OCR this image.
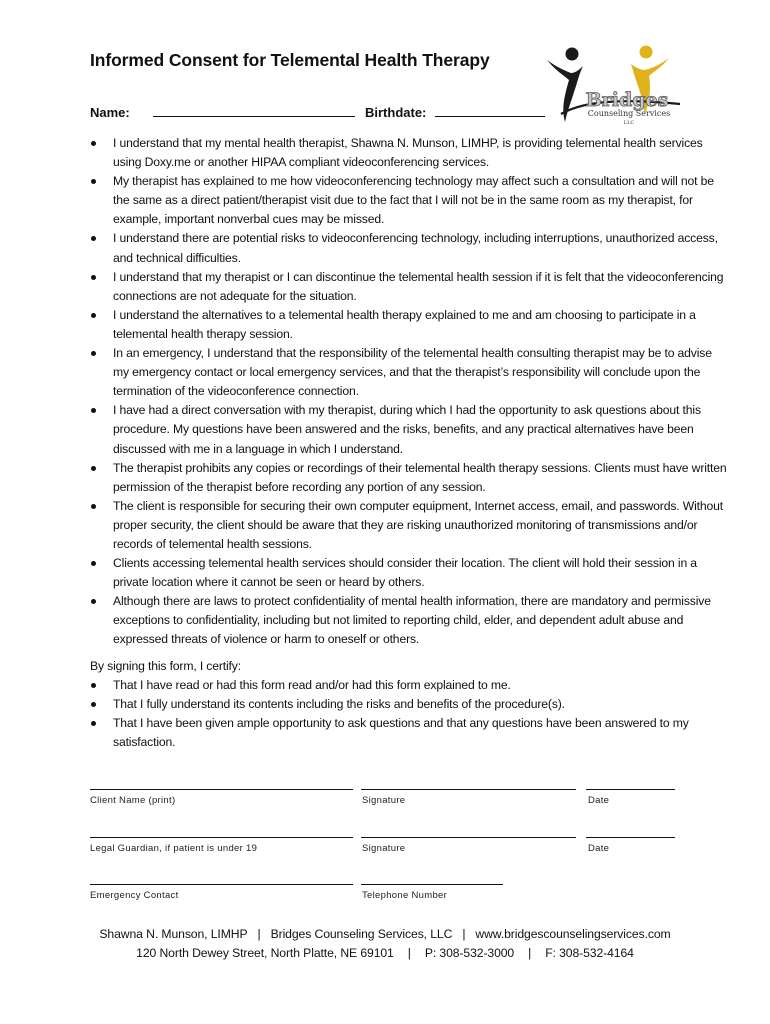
Informed Consent for Telemental Health Therapy
Name:	Birthdate:
Bridges
Counseling Services
LLC
I understand that my mental health therapist, Shawna N. Munson, LIMHP, is providing telemental health services using Doxy.me or another HIPAA compliant videoconferencing services.
My therapist has explained to me how videoconferencing technology may affect such a consultation and will not be the same as a direct patient/therapist visit due to the fact that I will not be in the same room as my therapist, for example, important nonverbal cues may be missed.
I understand there are potential risks to videoconferencing technology, including interruptions, unauthorized access, and technical difficulties.
I understand that my therapist or I can discontinue the telemental health session if it is felt that the videoconferencing connections are not adequate for the situation.
I understand the alternatives to a telemental health therapy explained to me and am choosing to participate in a telemental health therapy session.
In an emergency, I understand that the responsibility of the telemental health consulting therapist may be to advise my emergency contact or local emergency services, and that the therapist’s responsibility will conclude upon the termination of the videoconference connection.
I have had a direct conversation with my therapist, during which I had the opportunity to ask questions about this procedure. My questions have been answered and the risks, benefits, and any practical alternatives have been discussed with me in a language in which I understand.
The therapist prohibits any copies or recordings of their telemental health therapy sessions. Clients must have written permission of the therapist before recording any portion of any session.
The client is responsible for securing their own computer equipment, Internet access, email, and passwords. Without proper security, the client should be aware that they are risking unauthorized monitoring of transmissions and/or records of telemental health sessions.
Clients accessing telemental health services should consider their location. The client will hold their session in a private location where it cannot be seen or heard by others.
Although there are laws to protect confidentiality of mental health information, there are mandatory and permissive exceptions to confidentiality, including but not limited to reporting child, elder, and dependent adult abuse and expressed threats of violence or harm to oneself or others.
By signing this form, I certify:
That I have read or had this form read and/or had this form explained to me.
That I fully understand its contents including the risks and benefits of the procedure(s).
That I have been given ample opportunity to ask questions and that any questions have been answered to my satisfaction.
Client Name (print)	Signature	Date
Legal Guardian, if patient is under 19	Signature	Date
Emergency Contact	Telephone Number
Shawna N. Munson, LIMHP | Bridges Counseling Services, LLC | www.bridgescounselingservices.com
120 North Dewey Street, North Platte, NE 69101 | P: 308-532-3000 | F: 308-532-4164
